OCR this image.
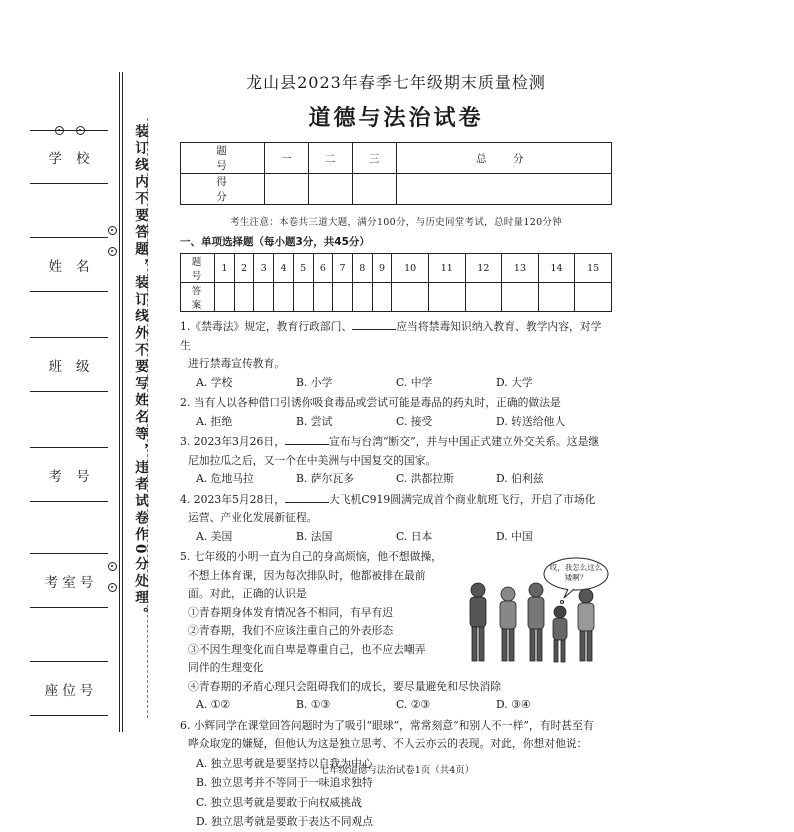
学校
姓名
班级
考号
考室号
座位号
装订线内不要答题，装订线外不要写姓名等，违者试卷作0分处理。
龙山县2023年春季七年级期末质量检测
道德与法治试卷
题　号	一	二	三	总　分
得　分				
考生注意：本卷共三道大题，满分100分，与历史同堂考试，总时量120分钟
一、单项选择题（每小题3分，共45分）
题号	1	2	3	4	5	6	7	8	9	10	11	12	13	14	15
答案															
1.《禁毒法》规定，教育行政部门、	应当将禁毒知识纳入教育、教学内容，对学生
进行禁毒宣传教育。
A. 学校	B. 小学	C. 中学	D. 大学
2. 当有人以各种借口引诱你吸食毒品或尝试可能是毒品的药丸时，正确的做法是
A. 拒绝	B. 尝试	C. 接受	D. 转送给他人
3. 2023年3月26日，	宣布与台湾“断交”，并与中国正式建立外交关系。这是继
尼加拉瓜之后，又一个在中美洲与中国复交的国家。
A. 危地马拉	B. 萨尔瓦多	C. 洪都拉斯	D. 伯利兹
4. 2023年5月28日，	大飞机C919圆满完成首个商业航班飞行，开启了市场化
运营、产业化发展新征程。
A. 美国	B. 法国	C. 日本	D. 中国
5. 七年级的小明一直为自己的身高烦恼，他不想做操，
不想上体育课，因为每次排队时，他都被排在最前
面。对此，正确的认识是
①青春期身体发育情况各不相同，有早有迟
②青春期，我们不应该注重自己的外表形态
③不因生理变化而自卑是尊重自己，也不应去嘲弄
同伴的生理变化
④青春期的矛盾心理只会阻碍我们的成长，要尽量避免和尽快消除
哎，我怎么这么矮啊？
A. ①②	B. ①③	C. ②③	D. ③④
6. 小辉同学在课堂回答问题时为了吸引“眼球”，常常刻意“和别人不一样”，有时甚至有
哗众取宠的嫌疑，但他认为这是独立思考、不人云亦云的表现。对此，你想对他说：
A. 独立思考就是要坚持以自我为中心
B. 独立思考并不等同于一味追求独特
C. 独立思考就是要敢于向权威挑战
D. 独立思考就是要敢于表达不同观点
七年级道德与法治试卷1页（共4页）
